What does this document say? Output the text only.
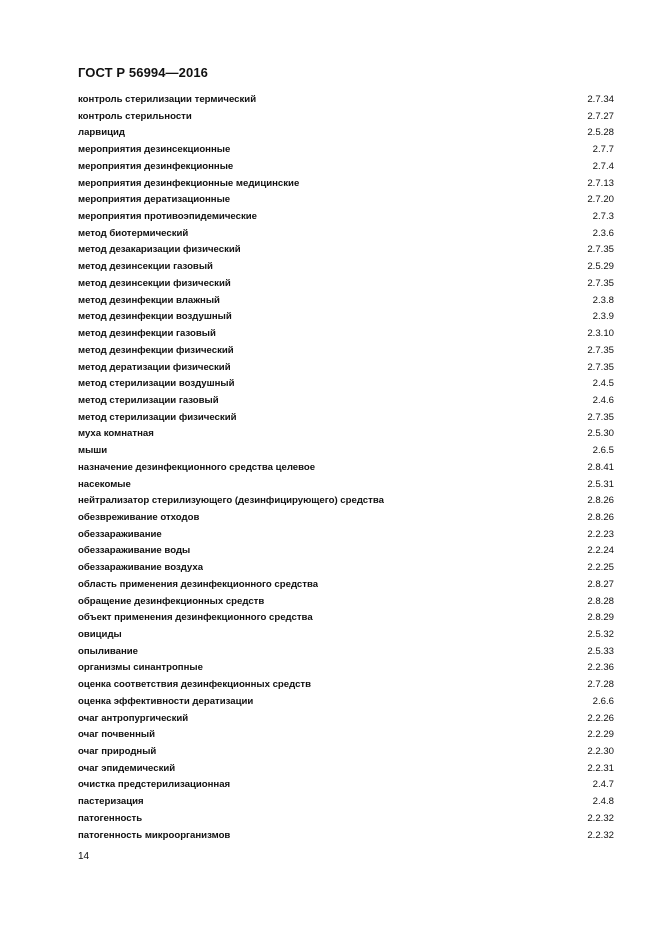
ГОСТ Р 56994—2016
контроль стерилизации термический	2.7.34
контроль стерильности	2.7.27
ларвицид	2.5.28
мероприятия дезинсекционные	2.7.7
мероприятия дезинфекционные	2.7.4
мероприятия дезинфекционные медицинские	2.7.13
мероприятия дератизационные	2.7.20
мероприятия противоэпидемические	2.7.3
метод биотермический	2.3.6
метод дезакаризации физический	2.7.35
метод дезинсекции газовый	2.5.29
метод дезинсекции физический	2.7.35
метод дезинфекции влажный	2.3.8
метод дезинфекции воздушный	2.3.9
метод дезинфекции газовый	2.3.10
метод дезинфекции физический	2.7.35
метод дератизации физический	2.7.35
метод стерилизации воздушный	2.4.5
метод стерилизации газовый	2.4.6
метод стерилизации физический	2.7.35
муха комнатная	2.5.30
мыши	2.6.5
назначение дезинфекционного средства целевое	2.8.41
насекомые	2.5.31
нейтрализатор стерилизующего (дезинфицирующего) средства	2.8.26
обезвреживание отходов	2.8.26
обеззараживание	2.2.23
обеззараживание воды	2.2.24
обеззараживание воздуха	2.2.25
область применения дезинфекционного средства	2.8.27
обращение дезинфекционных средств	2.8.28
объект применения дезинфекционного средства	2.8.29
овициды	2.5.32
опыливание	2.5.33
организмы синантропные	2.2.36
оценка соответствия дезинфекционных средств	2.7.28
оценка эффективности дератизации	2.6.6
очаг антропургический	2.2.26
очаг почвенный	2.2.29
очаг природный	2.2.30
очаг эпидемический	2.2.31
очистка предстерилизационная	2.4.7
пастеризация	2.4.8
патогенность	2.2.32
патогенность микроорганизмов	2.2.32
14
